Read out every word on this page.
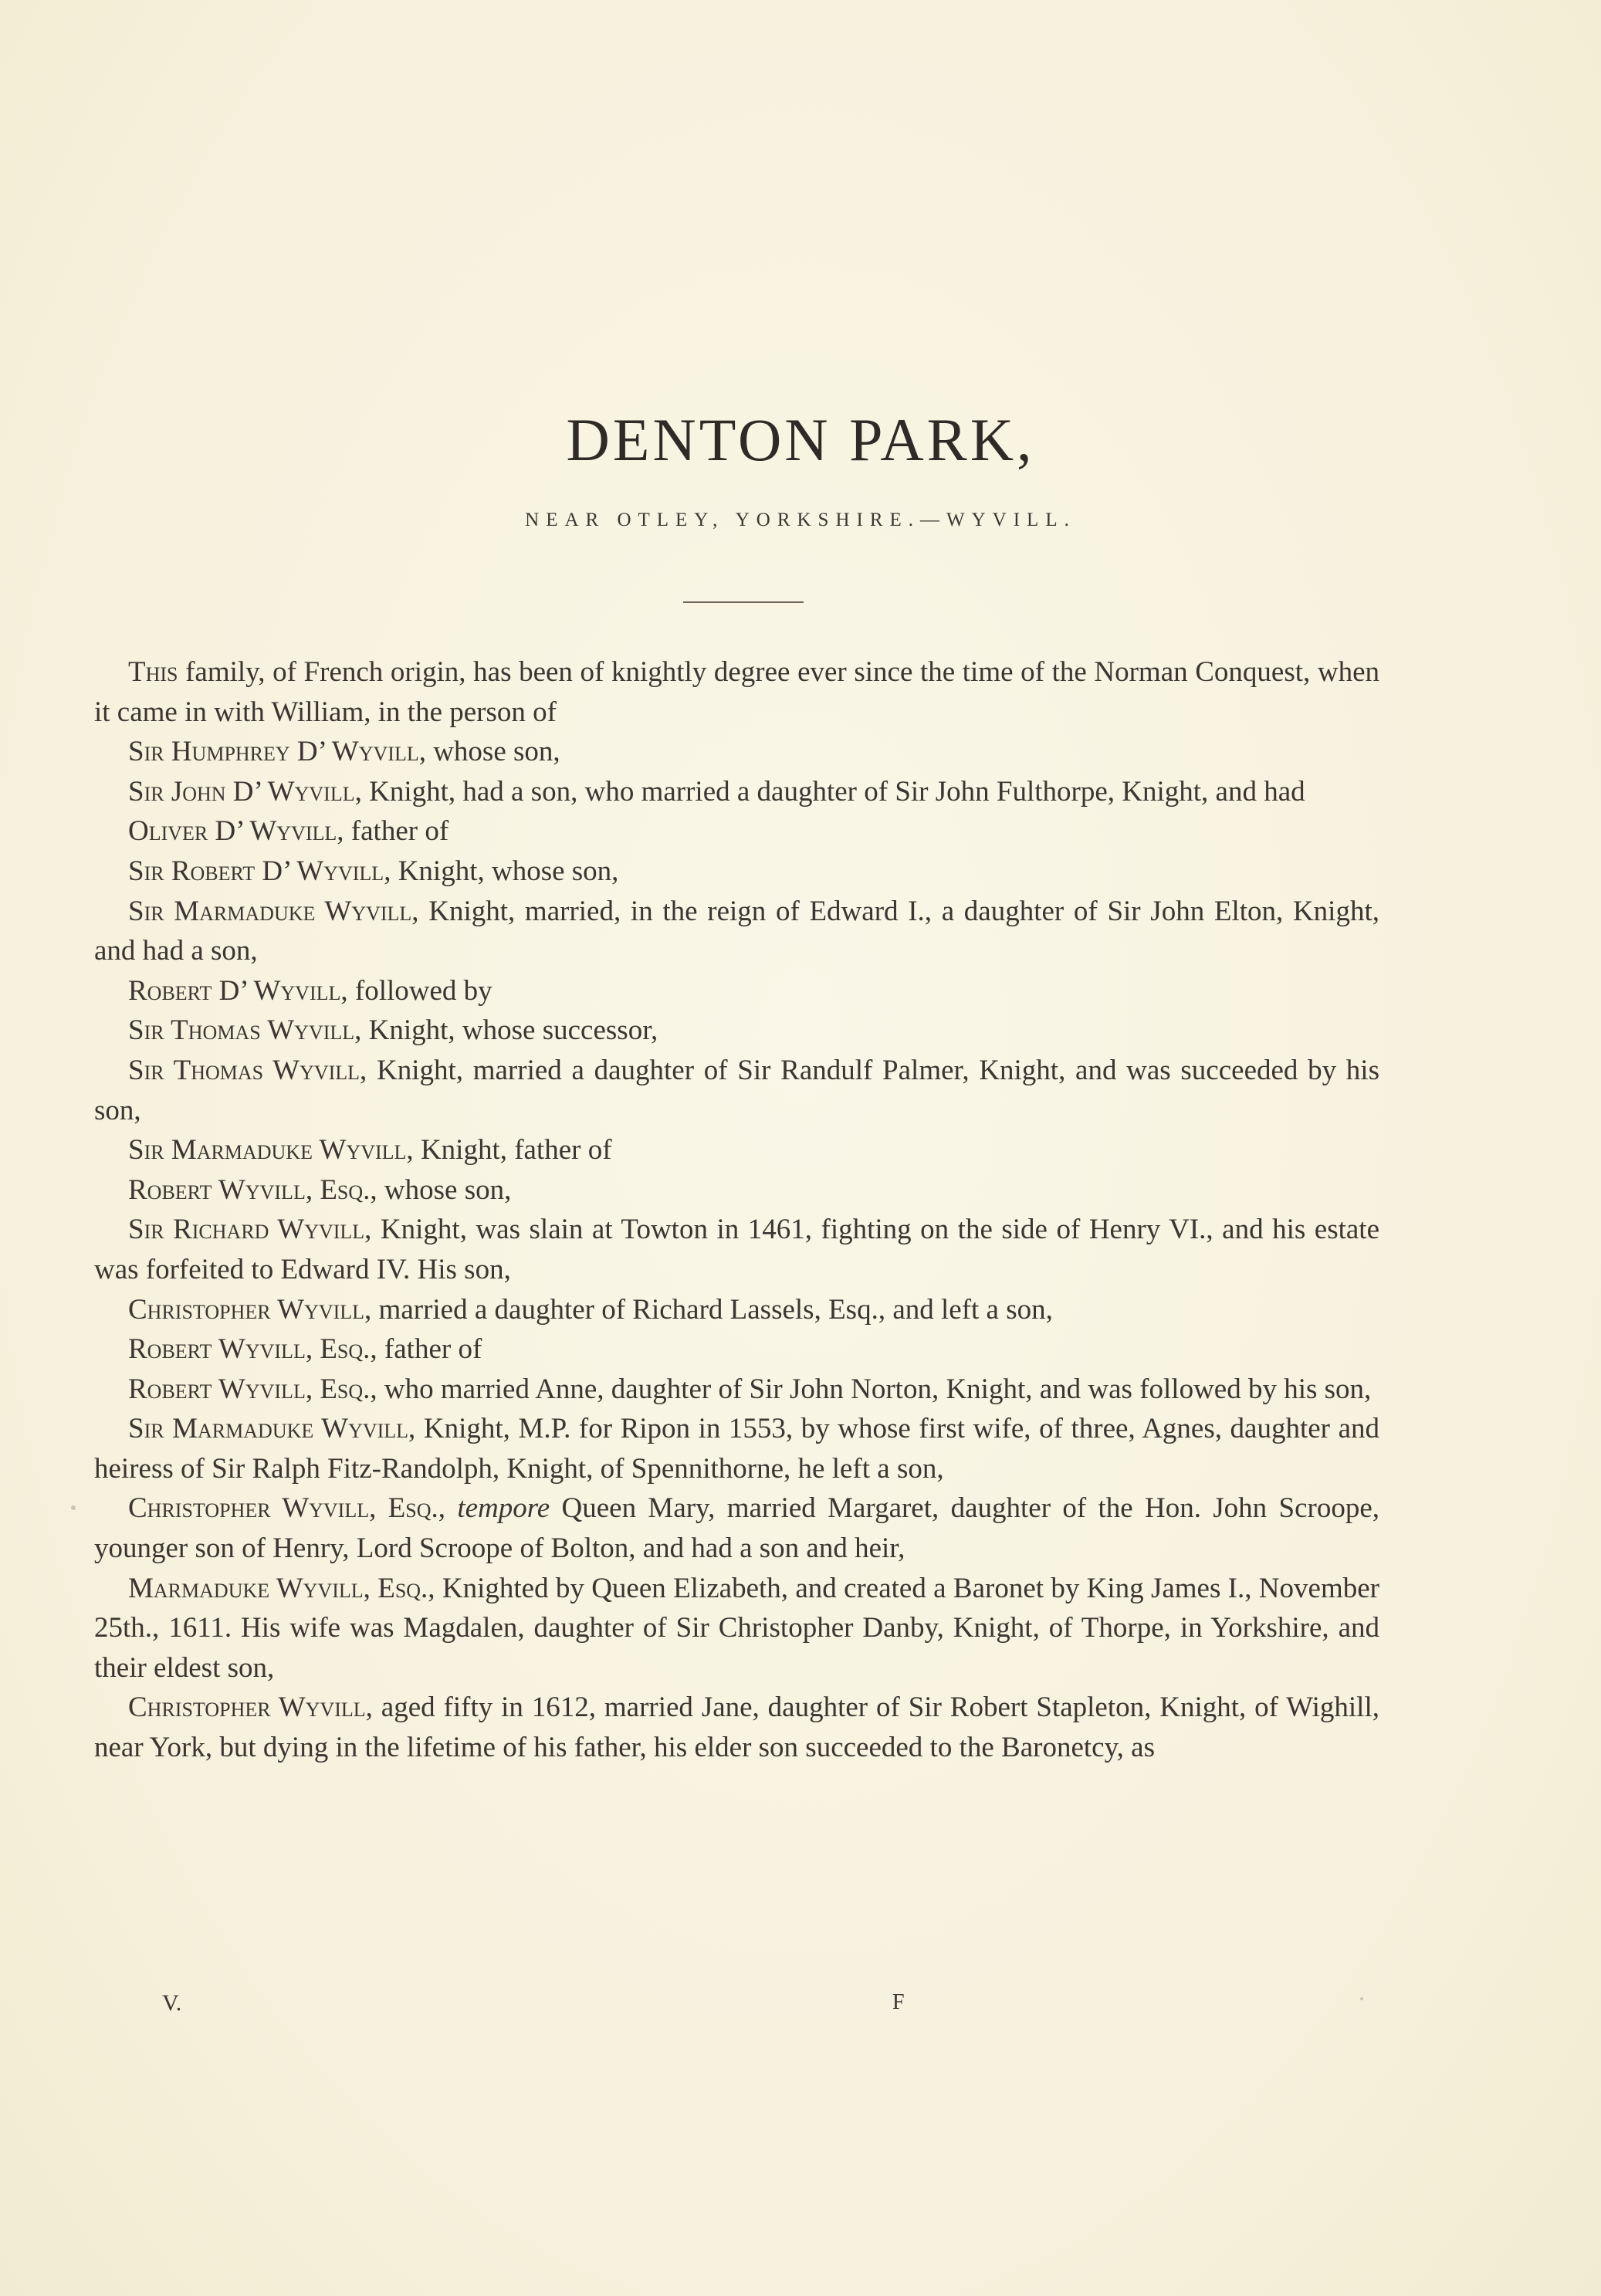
DENTON PARK,

NEAR OTLEY, YORKSHIRE.—WYVILL.

This family, of French origin, has been of knightly degree ever since the time of the Norman Conquest, when it came in with William, in the person of

Sir Humphrey D’ Wyvill, whose son,

Sir John D’ Wyvill, Knight, had a son, who married a daughter of Sir John Fulthorpe, Knight, and had

Oliver D’ Wyvill, father of

Sir Robert D’ Wyvill, Knight, whose son,

Sir Marmaduke Wyvill, Knight, married, in the reign of Edward I., a daughter of Sir John Elton, Knight, and had a son,

Robert D’ Wyvill, followed by

Sir Thomas Wyvill, Knight, whose successor,

Sir Thomas Wyvill, Knight, married a daughter of Sir Randulf Palmer, Knight, and was succeeded by his son,

Sir Marmaduke Wyvill, Knight, father of

Robert Wyvill, Esq., whose son,

Sir Richard Wyvill, Knight, was slain at Towton in 1461, fighting on the side of Henry VI., and his estate was forfeited to Edward IV. His son,

Christopher Wyvill, married a daughter of Richard Lassels, Esq., and left a son,

Robert Wyvill, Esq., father of

Robert Wyvill, Esq., who married Anne, daughter of Sir John Norton, Knight, and was followed by his son,

Sir Marmaduke Wyvill, Knight, M.P. for Ripon in 1553, by whose first wife, of three, Agnes, daughter and heiress of Sir Ralph Fitz-Randolph, Knight, of Spennithorne, he left a son,

Christopher Wyvill, Esq., tempore Queen Mary, married Margaret, daughter of the Hon. John Scroope, younger son of Henry, Lord Scroope of Bolton, and had a son and heir,

Marmaduke Wyvill, Esq., Knighted by Queen Elizabeth, and created a Baronet by King James I., November 25th., 1611. His wife was Magdalen, daughter of Sir Christopher Danby, Knight, of Thorpe, in Yorkshire, and their eldest son,

Christopher Wyvill, aged fifty in 1612, married Jane, daughter of Sir Robert Stapleton, Knight, of Wighill, near York, but dying in the lifetime of his father, his elder son succeeded to the Baronetcy, as

V.	F
